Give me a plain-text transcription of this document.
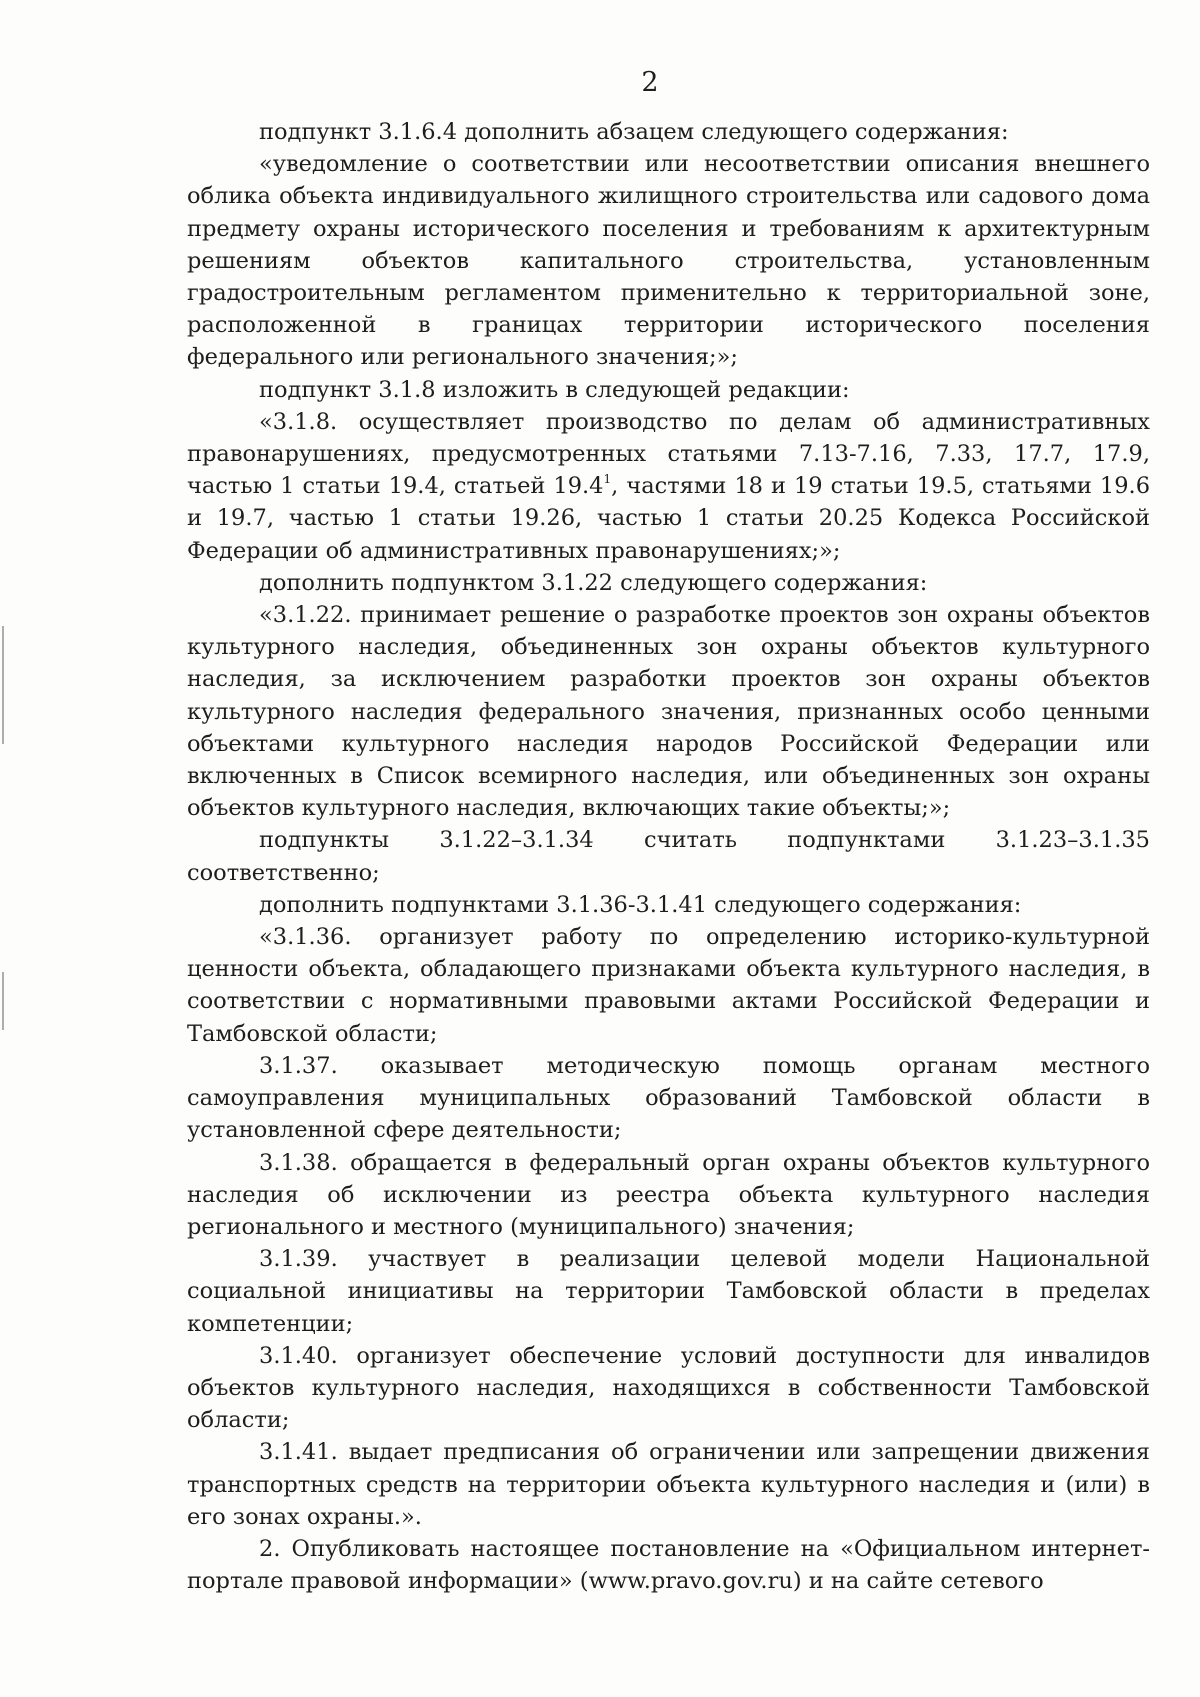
2

подпункт 3.1.6.4 дополнить абзацем следующего содержания:

«уведомление о соответствии или несоответствии описания внешнего облика объекта индивидуального жилищного строительства или садового дома предмету охраны исторического поселения и требованиям к архитектурным решениям объектов капитального строительства, установленным градостроительным регламентом применительно к территориальной зоне, расположенной в границах территории исторического поселения федерального или регионального значения;»;

подпункт 3.1.8 изложить в следующей редакции:

«3.1.8. осуществляет производство по делам об административных правонарушениях, предусмотренных статьями 7.13-7.16, 7.33, 17.7, 17.9, частью 1 статьи 19.4, статьей 19.4$^1$, частями 18 и 19 статьи 19.5, статьями 19.6 и 19.7, частью 1 статьи 19.26, частью 1 статьи 20.25 Кодекса Российской Федерации об административных правонарушениях;»;

дополнить подпунктом 3.1.22 следующего содержания:

«3.1.22. принимает решение о разработке проектов зон охраны объектов культурного наследия, объединенных зон охраны объектов культурного наследия, за исключением разработки проектов зон охраны объектов культурного наследия федерального значения, признанных особо ценными объектами культурного наследия народов Российской Федерации или включенных в Список всемирного наследия, или объединенных зон охраны объектов культурного наследия, включающих такие объекты;»;

подпункты 3.1.22–3.1.34 считать подпунктами 3.1.23–3.1.35 соответственно;

дополнить подпунктами 3.1.36-3.1.41 следующего содержания:

«3.1.36. организует работу по определению историко-культурной ценности объекта, обладающего признаками объекта культурного наследия, в соответствии с нормативными правовыми актами Российской Федерации и Тамбовской области;

3.1.37. оказывает методическую помощь органам местного самоуправления муниципальных образований Тамбовской области в установленной сфере деятельности;

3.1.38. обращается в федеральный орган охраны объектов культурного наследия об исключении из реестра объекта культурного наследия регионального и местного (муниципального) значения;

3.1.39. участвует в реализации целевой модели Национальной социальной инициативы на территории Тамбовской области в пределах компетенции;

3.1.40. организует обеспечение условий доступности для инвалидов объектов культурного наследия, находящихся в собственности Тамбовской области;

3.1.41. выдает предписания об ограничении или запрещении движения транспортных средств на территории объекта культурного наследия и (или) в его зонах охраны.».

2. Опубликовать настоящее постановление на «Официальном интернет-портале правовой информации» (www.pravo.gov.ru) и на сайте сетевого
